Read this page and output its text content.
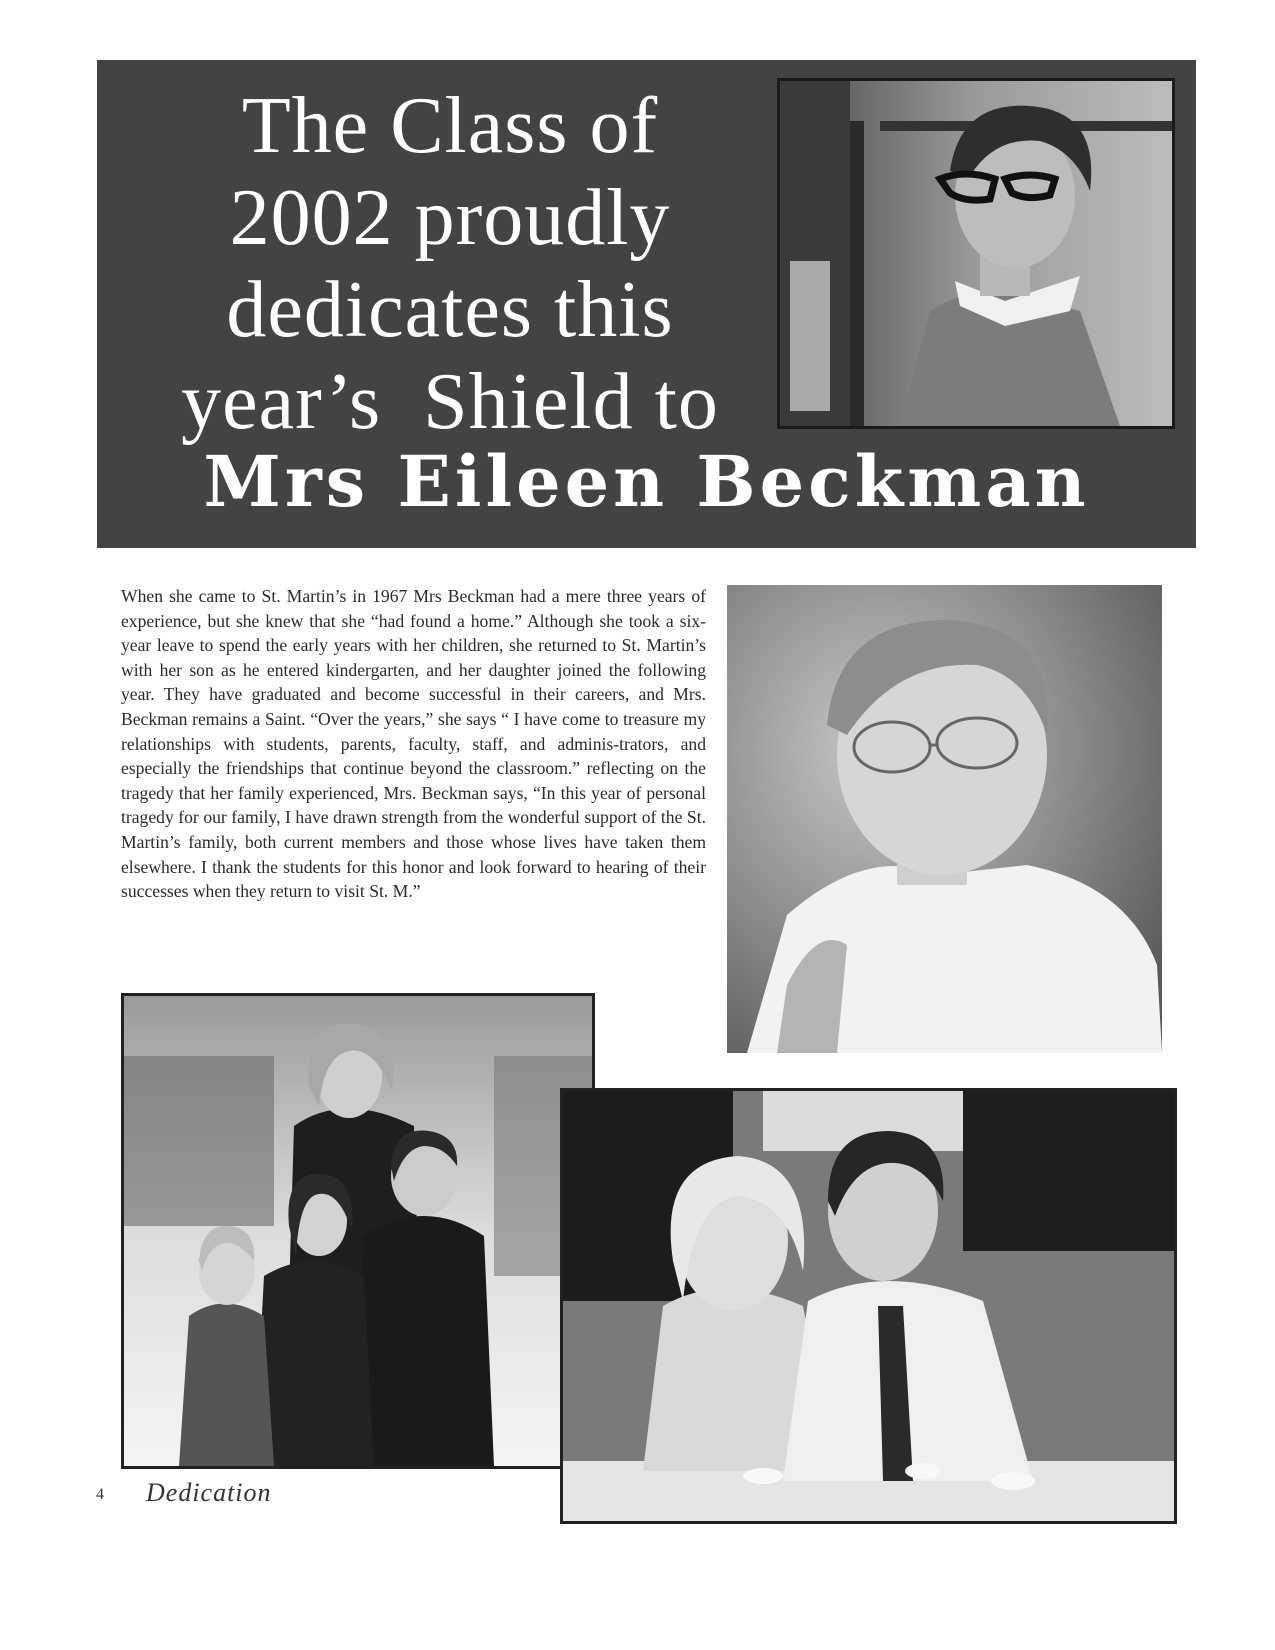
The Class of
2002 proudly
dedicates this
year’s  Shield to
Mrs Eileen Beckman

When she came to St. Martin’s in 1967 Mrs Beckman had a mere three years of experience, but she knew that she “had found a home.” Although she took a six-year leave to spend the early years with her children, she returned to St. Martin’s with her son as he entered kindergarten, and her daughter joined the following year. They have graduated and become successful in their careers, and Mrs. Beckman remains a Saint. “Over the years,” she says “ I have come to treasure my relationships with students, parents, faculty, staff, and adminis-trators, and especially the friendships that continue beyond the classroom.” reflecting on the tragedy that her family experienced, Mrs. Beckman says, “In this year of personal tragedy for our family, I have drawn strength from the wonderful support of the St. Martin’s family, both current members and those whose lives have taken them elsewhere. I thank the students for this honor and look forward to hearing of their successes when they return to visit St. M.”

4 Dedication
